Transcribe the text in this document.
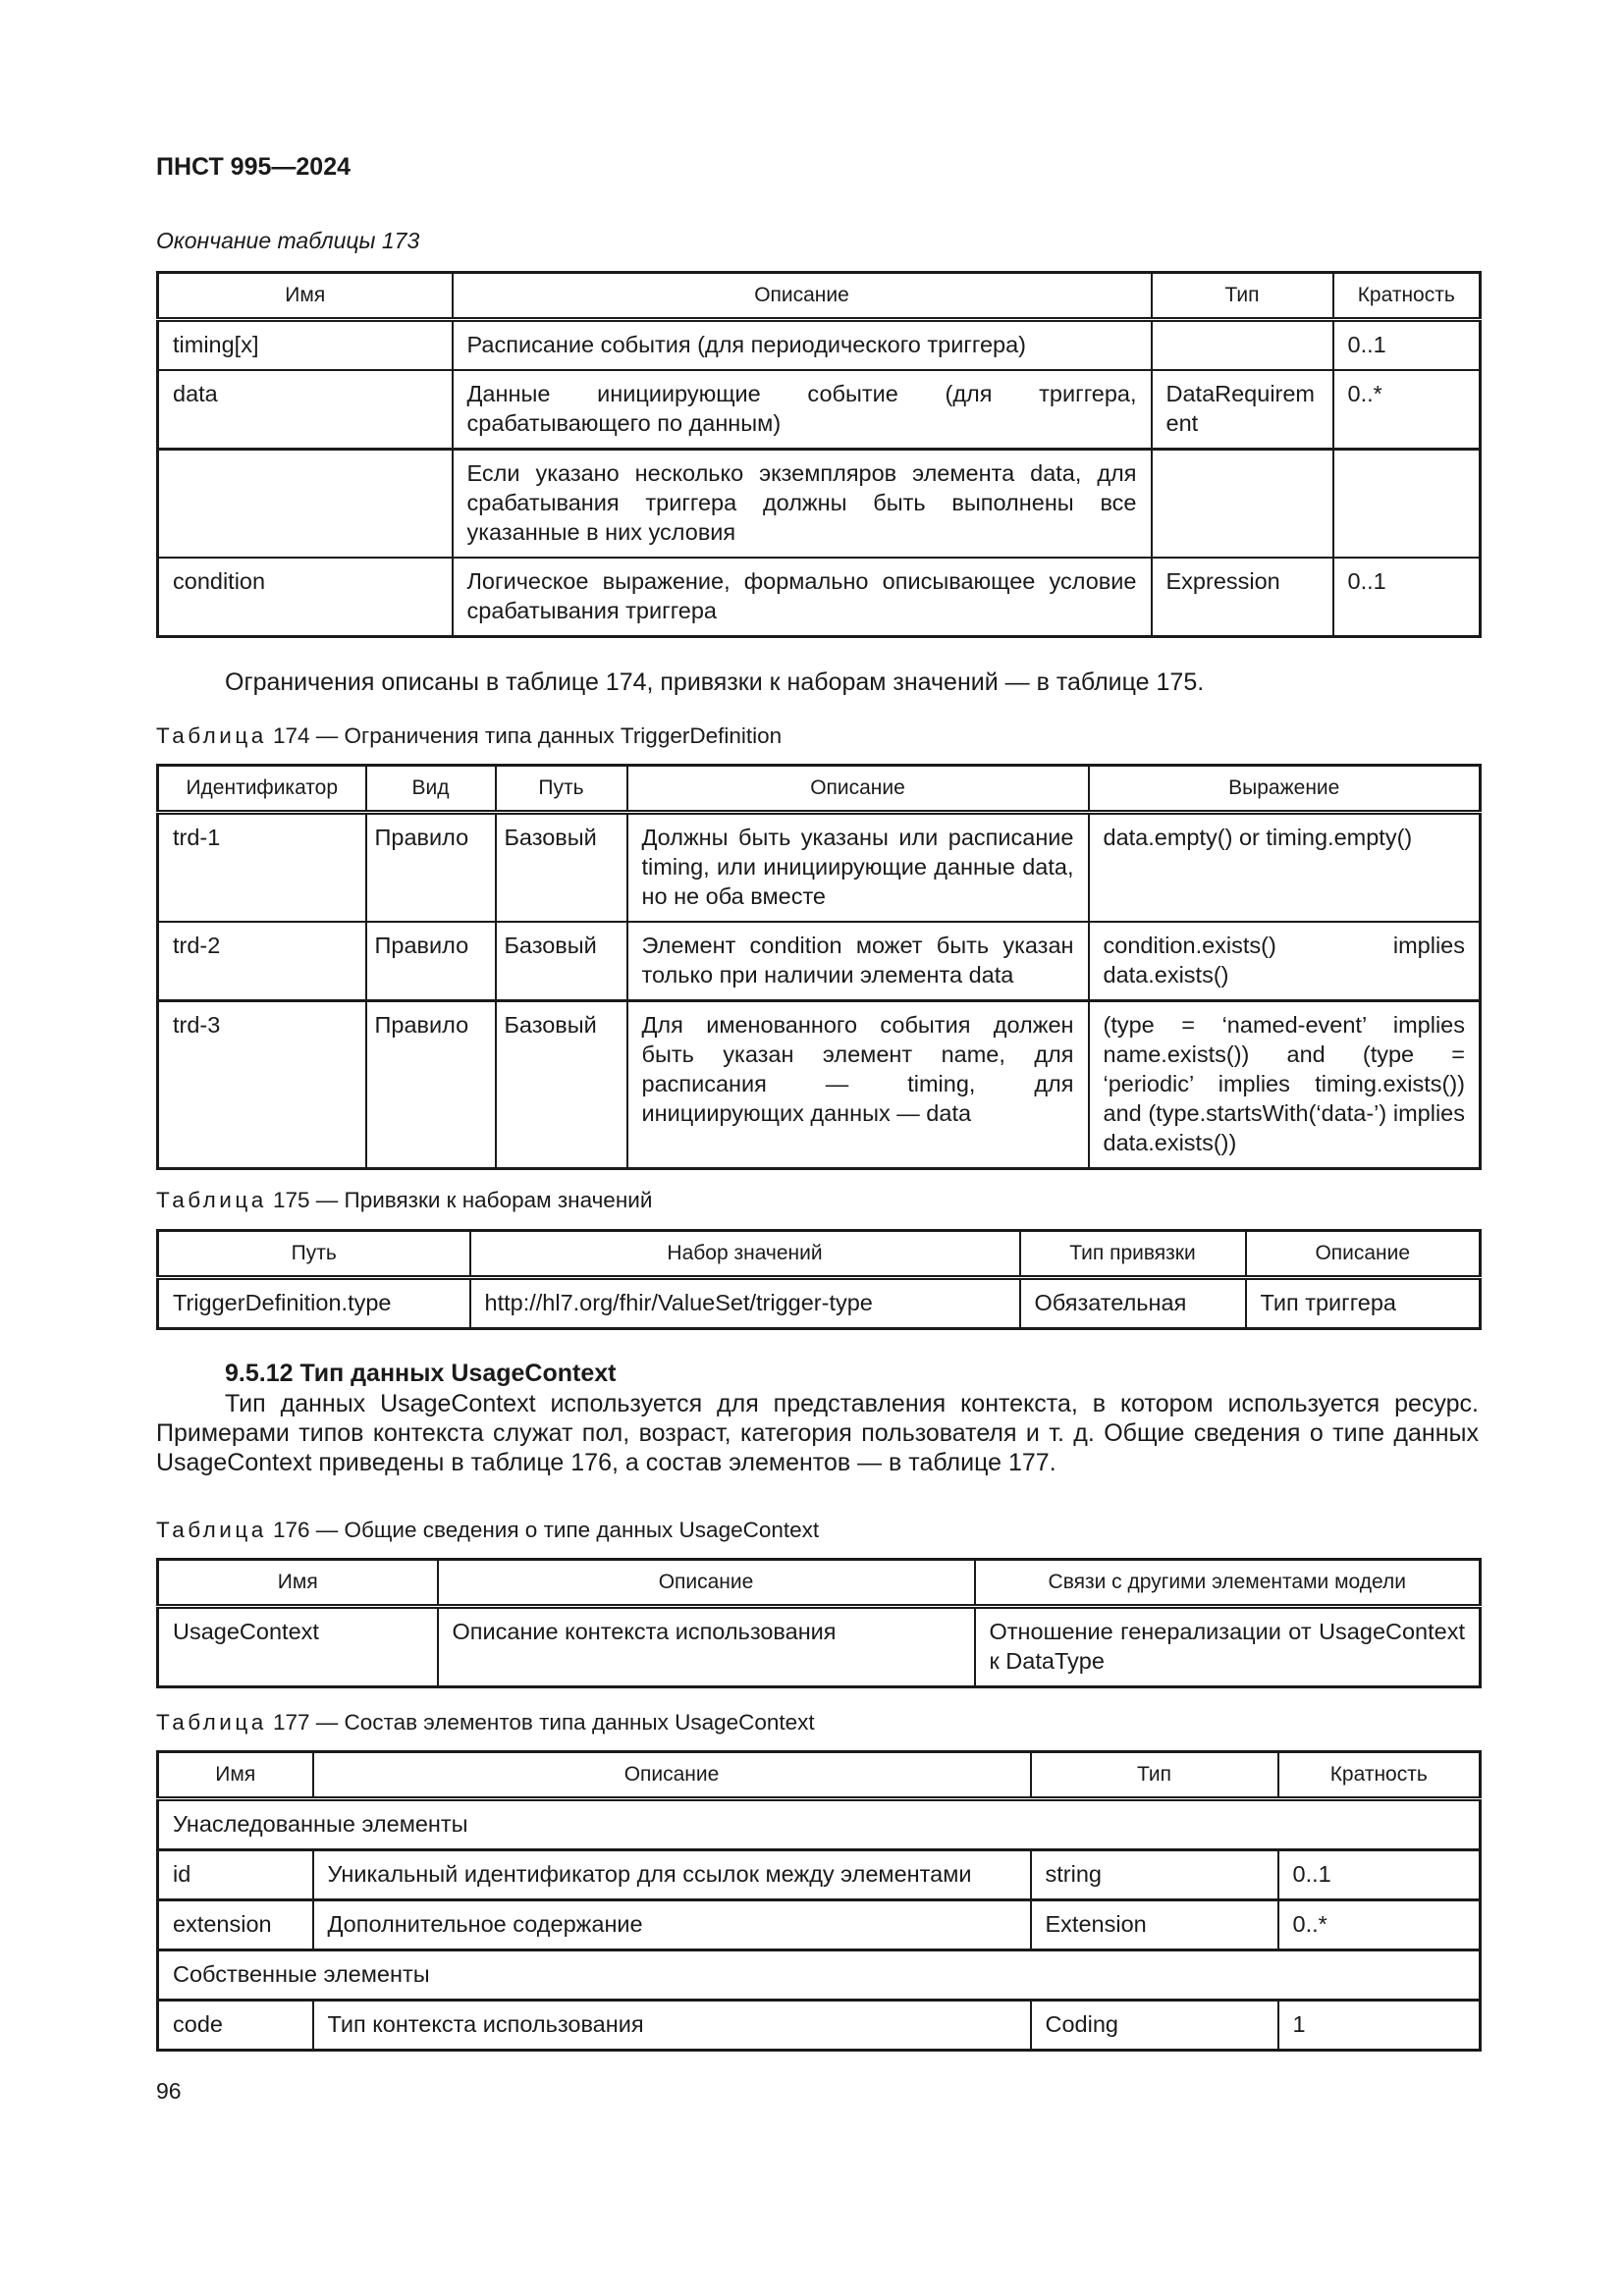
ПНСТ 995—2024
Окончание таблицы 173
Имя	Описание	Тип	Кратность
timing[x]	Расписание события (для периодического триггера)		0..1
data	Данные инициирующие событие (для триггера, срабатывающего по данным)	DataRequirement	0..*
	Если указано несколько экземпляров элемента data, для срабатывания триггера должны быть выполнены все указанные в них условия		
condition	Логическое выражение, формально описывающее условие срабатывания триггера	Expression	0..1
Ограничения описаны в таблице 174, привязки к наборам значений — в таблице 175.
Таблица 174 — Ограничения типа данных TriggerDefinition
Идентификатор	Вид	Путь	Описание	Выражение
trd-1	Правило	Базовый	Должны быть указаны или расписание timing, или инициирующие данные data, но не оба вместе	data.empty() or timing.empty()
trd-2	Правило	Базовый	Элемент condition может быть указан только при наличии элемента data	condition.exists() implies data.exists()
trd-3	Правило	Базовый	Для именованного события должен быть указан элемент name, для расписания — timing, для инициирующих данных — data	(type = ‘named-event’ implies name.exists()) and (type = ‘periodic’ implies timing.exists()) and (type.startsWith(‘data-’) implies data.exists())
Таблица 175 — Привязки к наборам значений
Путь	Набор значений	Тип привязки	Описание
TriggerDefinition.type	http://hl7.org/fhir/ValueSet/trigger-type	Обязательная	Тип триггера
9.5.12 Тип данных UsageContext
Тип данных UsageContext используется для представления контекста, в котором используется ресурс. Примерами типов контекста служат пол, возраст, категория пользователя и т. д. Общие сведения о типе данных UsageContext приведены в таблице 176, а состав элементов — в таблице 177.
Таблица 176 — Общие сведения о типе данных UsageContext
Имя	Описание	Связи с другими элементами модели
UsageContext	Описание контекста использования	Отношение генерализации от UsageContext к DataType
Таблица 177 — Состав элементов типа данных UsageContext
Имя	Описание	Тип	Кратность
Унаследованные элементы			
id	Уникальный идентификатор для ссылок между элементами	string	0..1
extension	Дополнительное содержание	Extension	0..*
Собственные элементы			
code	Тип контекста использования	Coding	1
96
